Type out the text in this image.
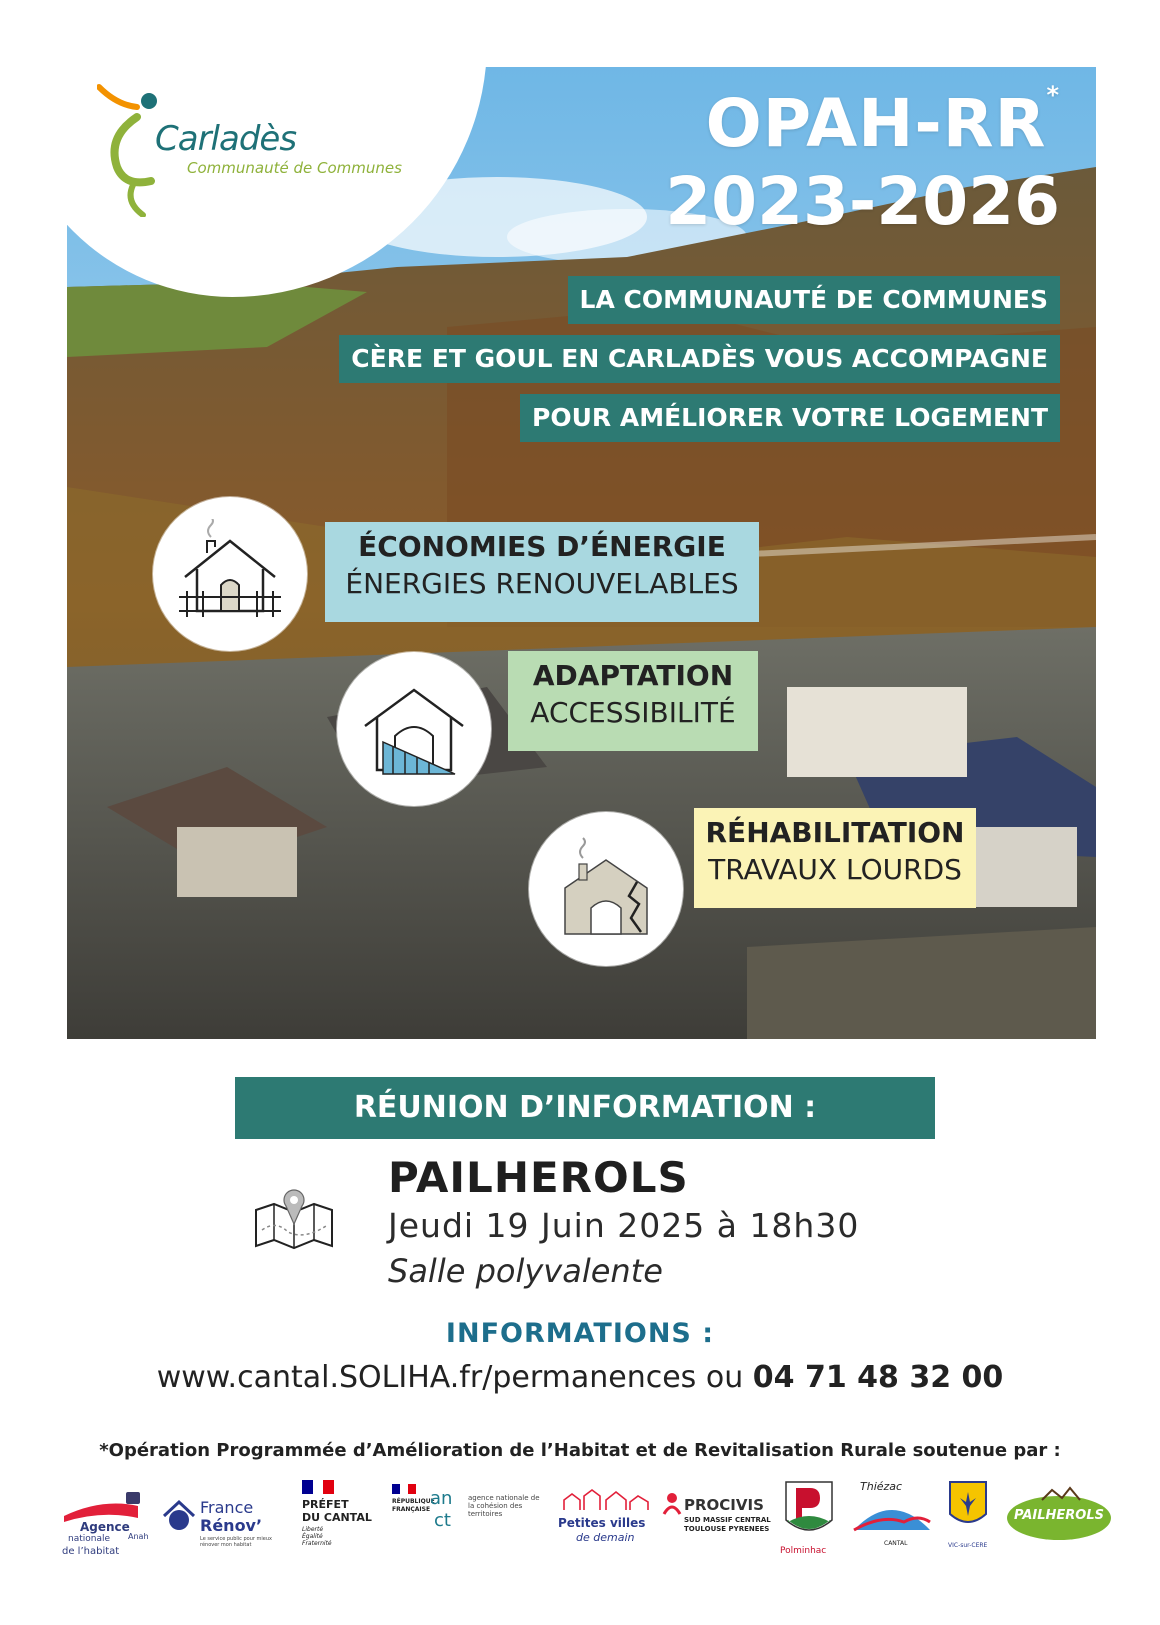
Carladès
Communauté de Communes
OPAH-RR*
2023-2026
LA COMMUNAUTÉ DE COMMUNES
CÈRE ET GOUL EN CARLADÈS VOUS ACCOMPAGNE
POUR AMÉLIORER VOTRE LOGEMENT
ÉCONOMIES D’ÉNERGIE
ÉNERGIES RENOUVELABLES
ADAPTATION
ACCESSIBILITÉ
RÉHABILITATION
TRAVAUX LOURDS
RÉUNION D’INFORMATION :
PAILHEROLS
Jeudi 19 Juin 2025 à 18h30
Salle polyvalente
INFORMATIONS :
www.cantal.SOLIHA.fr/permanences ou 04 71 48 32 00
*Opération Programmée d’Amélioration de l’Habitat et de Revitalisation Rurale soutenue par :
Agence
nationale
de l’habitat
Anah
France
Rénov’
Le service public pour mieux rénover mon habitat
PRÉFET
DU CANTAL
Liberté Égalité Fraternité
RÉPUBLIQUE
FRANÇAISE
an
ct
agence nationale de la cohésion des territoires
Petites villes
de demain
PROCIVIS
SUD MASSIF CENTRAL
TOULOUSE PYRENEES
Polminhac
Thiézac
CANTAL	VIC-sur-CERE
PAILHEROLS
